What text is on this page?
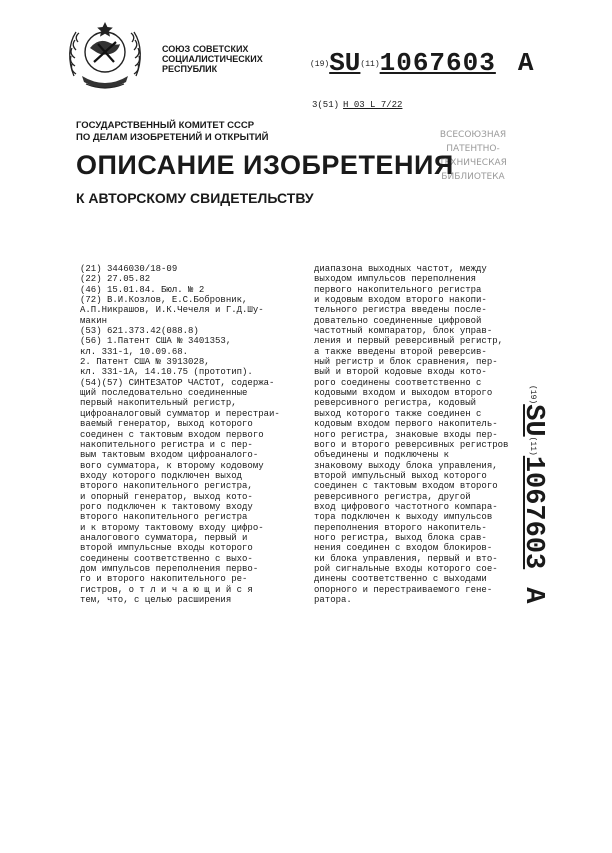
СОЮЗ СОВЕТСКИХ
СОЦИАЛИСТИЧЕСКИХ
РЕСПУБЛИК	(19)SU(11)1067603 A
3(51) Н 03 L 7/22
ГОСУДАРСТВЕННЫЙ КОМИТЕТ СССР
ПО ДЕЛАМ ИЗОБРЕТЕНИЙ И ОТКРЫТИЙ	ВСЕСОЮЗНАЯ
ПАТЕНТНО-
ТЕХНИЧЕСКАЯ
БИБЛИОТЕКА
ОПИСАНИЕ ИЗОБРЕТЕНИЯ
К АВТОРСКОМУ СВИДЕТЕЛЬСТВУ
(21) 3446030/18-09
(22) 27.05.82
(46) 15.01.84. Бюл. № 2
(72) В.И.Козлов, Е.С.Бобровник,
А.П.Никрашов, И.К.Чечеля и Г.Д.Шу-
макин
(53) 621.373.42(088.8)
(56) 1.Патент США № 3401353,
кл. 331-1, 10.09.68.
2. Патент США № 3913028,
кл. 331-1А, 14.10.75 (прототип).
(54)(57) СИНТЕЗАТОР ЧАСТОТ, содержа-
щий последовательно соединенные
первый накопительный регистр,
цифроаналоговый сумматор и перестраи-
ваемый генератор, выход которого
соединен с тактовым входом первого
накопительного регистра и с пер-
вым тактовым входом цифроаналого-
вого сумматора, к второму кодовому
входу которого подключен выход
второго накопительного регистра,
и опорный генератор, выход кото-
рого подключен к тактовому входу
второго накопительного регистра
и к второму тактовому входу цифро-
аналогового сумматора, первый и
второй импульсные входы которого
соединены соответственно с выхо-
дом импульсов переполнения перво-
го и второго накопительного ре-
гистров, о т л и ч а ю щ и й с я
тем, что, с целью расширения
диапазона выходных частот, между
выходом импульсов переполнения
первого накопительного регистра
и кодовым входом второго накопи-
тельного регистра введены после-
довательно соединенные цифровой
частотный компаратор, блок управ-
ления и первый реверсивный регистр,
а также введены второй реверсив-
ный регистр и блок сравнения, пер-
вый и второй кодовые входы кото-
рого соединены соответственно с
кодовыми входом и выходом второго
реверсивного регистра, кодовый
выход которого также соединен с
кодовым входом первого накопитель-
ного регистра, знаковые входы пер-
вого и второго реверсивных регистров
объединены и подключены к
знаковому выходу блока управления,
второй импульсный выход которого
соединен с тактовым входом второго
реверсивного регистра, другой
вход цифрового частотного компара-
тора подключен к выходу импульсов
переполнения второго накопитель-
ного регистра, выход блока срав-
нения соединен с входом блокиров-
ки блока управления, первый и вто-
рой сигнальные входы которого сое-
динены соответственно с выходами
опорного и перестраиваемого гене-
ратора.
(19)SU(11)1067603A
